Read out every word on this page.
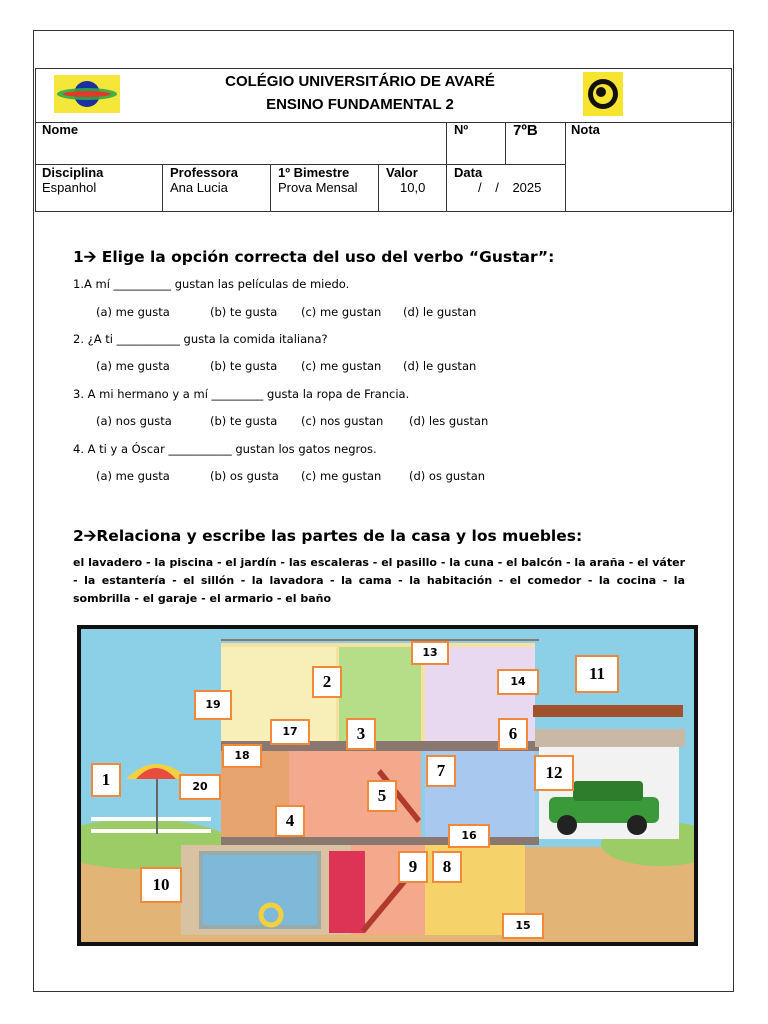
COLÉGIO UNIVERSITÁRIO DE AVARÉ
ENSINO FUNDAMENTAL 2
Nome	Nº	7ºB	Nota
Disciplina
Espanhol
Professora
Ana Lucia
1º Bimestre
Prova Mensal
Valor
10,0
Data
/ / 2025
1🡪 Elige la opción correcta del uso del verbo “Gustar”:
1.A mí __________ gustan las películas de miedo.
(a) me gusta	(b) te gusta (c) me gustan (d) le gustan
2. ¿A ti ___________ gusta la comida italiana?
(a) me gusta	(b) te gusta (c) me gustan (d) le gustan
3. A mi hermano y a mí _________ gusta la ropa de Francia.
(a) nos gusta	(b) te gusta (c) nos gustan (d) les gustan
4. A ti y a Óscar ___________ gustan los gatos negros.
(a) me gusta	(b) os gusta (c) me gustan (d) os gustan
2🡪Relaciona y escribe las partes de la casa y los muebles:
el lavadero - la piscina - el jardín - las escaleras - el pasillo - la cuna - el balcón - la araña - el váter - la estantería - el sillón - la lavadora - la cama - la habitación - el comedor - la cocina - la sombrilla - el garaje - el armario - el baño
1
2
3
4
5
6
7
8
9
10
11
12
13
14
15
16
17
18
19
20
